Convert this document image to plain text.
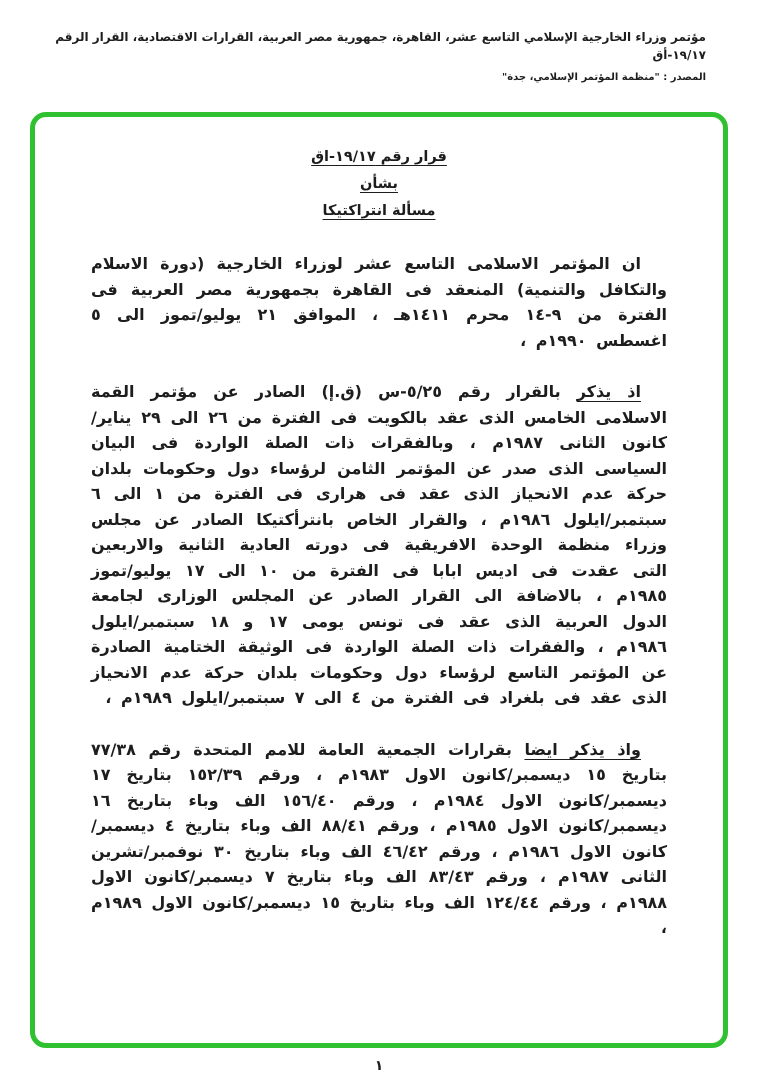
مؤتمر وزراء الخارجية الإسلامي التاسع عشر، القاهرة، جمهورية مصر العربية، القرارات الاقتصادية، القرار الرقم ١٩/١٧-أق
المصدر : "منظمة المؤتمر الإسلامي، جدة"
قرار رقم ١٩/١٧-اق
بشأن
مسألة انتراكتيكا

ان المؤتمر الاسلامى التاسع عشر لوزراء الخارجية (دورة الاسلام والتكافل والتنمية) المنعقد فى القاهرة بجمهورية مصر العربية فى الفترة من ٩-١٤ محرم ١٤١١هـ ، الموافق ٢١ يوليو/تموز الى ٥ اغسطس ١٩٩٠م ،

اذ يذكر بالقرار رقم ٥/٢٥-س (ق.إ) الصادر عن مؤتمر القمة الاسلامى الخامس الذى عقد بالكويت فى الفترة من ٢٦ الى ٢٩ يناير/كانون الثانى ١٩٨٧م ، وبالفقرات ذات الصلة الواردة فى البيان السياسى الذى صدر عن المؤتمر الثامن لرؤساء دول وحكومات بلدان حركة عدم الانحياز الذى عقد فى هرارى فى الفترة من ١ الى ٦ سبتمبر/ايلول ١٩٨٦م ، والقرار الخاص بانترأكتيكا الصادر عن مجلس وزراء منظمة الوحدة الافريقية فى دورته العادية الثانية والاربعين التى عقدت فى اديس ابابا فى الفترة من ١٠ الى ١٧ يوليو/تموز ١٩٨٥م ، بالاضافة الى القرار الصادر عن المجلس الوزارى لجامعة الدول العربية الذى عقد فى تونس يومى ١٧ و ١٨ سبتمبر/ايلول ١٩٨٦م ، والفقرات ذات الصلة الواردة فى الوثيقة الختامية الصادرة عن المؤتمر التاسع لرؤساء دول وحكومات بلدان حركة عدم الانحياز الذى عقد فى بلغراد فى الفترة من ٤ الى ٧ سبتمبر/ايلول ١٩٨٩م ،

واذ يذكر ايضا بقرارات الجمعية العامة للامم المتحدة رقم ٧٧/٣٨ بتاريخ ١٥ ديسمبر/كانون الاول ١٩٨٣م ، ورقم ١٥٢/٣٩ بتاريخ ١٧ ديسمبر/كانون الاول ١٩٨٤م ، ورقم ١٥٦/٤٠ الف وباء بتاريخ ١٦ ديسمبر/كانون الاول ١٩٨٥م ، ورقم ٨٨/٤١ الف وباء بتاريخ ٤ ديسمبر/كانون الاول ١٩٨٦م ، ورقم ٤٦/٤٢ الف وباء بتاريخ ٣٠ نوفمبر/تشرين الثانى ١٩٨٧م ، ورقم ٨٣/٤٣ الف وباء بتاريخ ٧ ديسمبر/كانون الاول ١٩٨٨م ، ورقم ١٢٤/٤٤ الف وباء بتاريخ ١٥ ديسمبر/كانون الاول ١٩٨٩م ،

١
